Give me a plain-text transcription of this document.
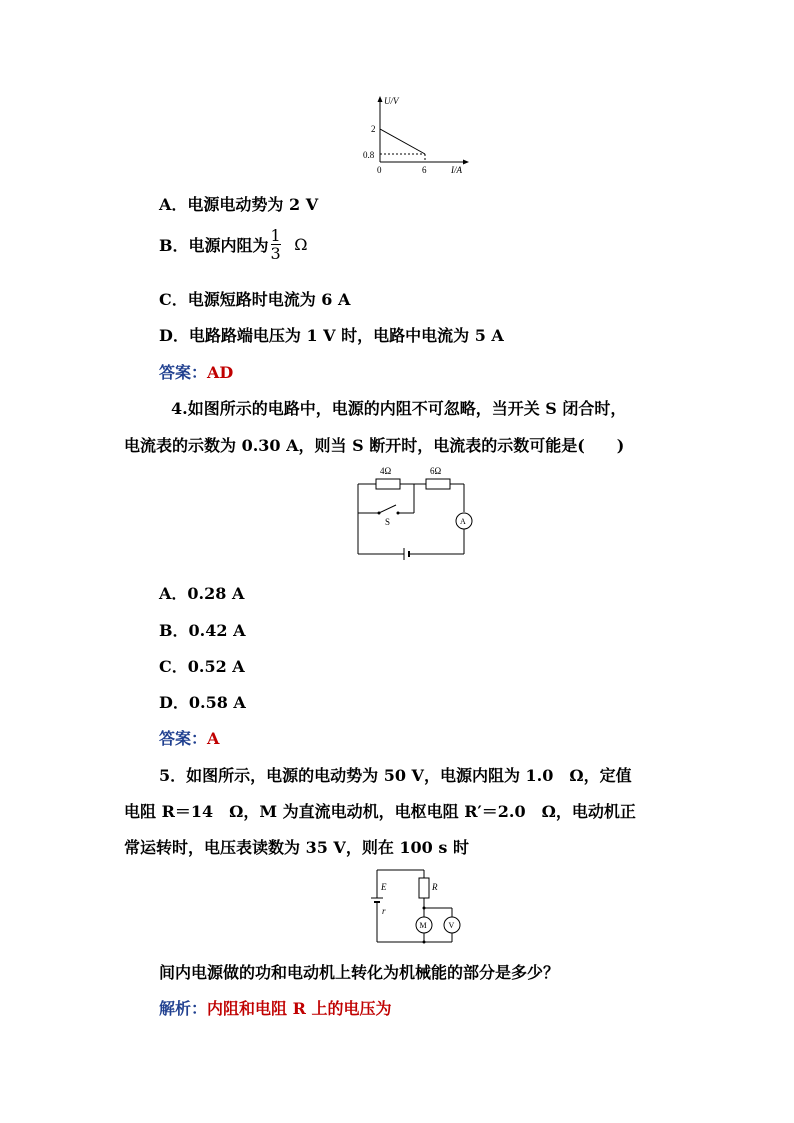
U/V
2
0.8
0	6	I/A
A．电源电动势为 2 V
B．电源内阻为 $\frac{1}{3}$ Ω
C．电源短路时电流为 6 A
D．电路路端电压为 1 V 时，电路中电流为 5 A
答案：AD
4.如图所示的电路中，电源的内阻不可忽略，当开关 S 闭合时，
电流表的示数为 0.30 A，则当 S 断开时，电流表的示数可能是(　　)
A
S
4Ω	6Ω
A．0.28 A
B．0.42 A
C．0.52 A
D．0.58 A
答案：A
5．如图所示，电源的电动势为 50 V，电源内阻为 1.0　Ω，定值
电阻 R＝14　Ω，M 为直流电动机，电枢电阻 R′＝2.0　Ω，电动机正
常运转时，电压表读数为 35 V，则在 100 s 时
E
r
R
M	V
间内电源做的功和电动机上转化为机械能的部分是多少？
解析：内阻和电阻 R 上的电压为
